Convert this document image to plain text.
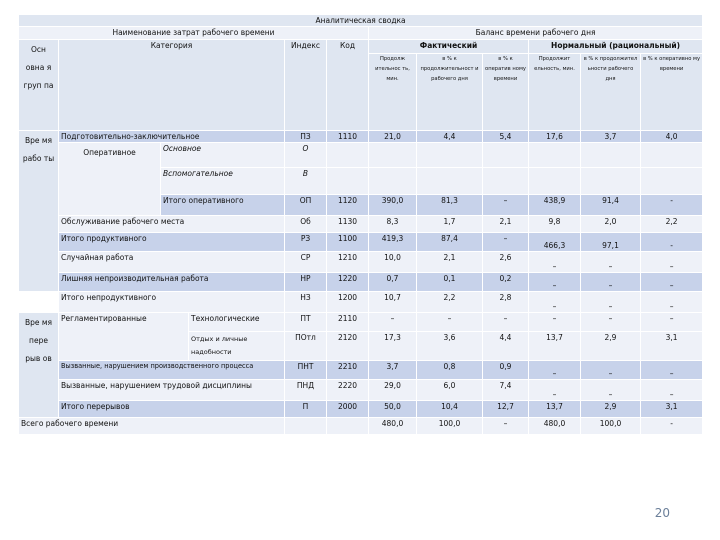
Аналитическая сводка											
Наименование затрат рабочего времени						Баланс времени рабочего дня					
Осн овна я груп па	Категория			Индекс	Код	Фактический			Нормальный (рациональный)		
						Продолж ительнос ть, мин.	в % к продолжительност и рабочего дня	в % к оператив ному времени	Продолжит ельность, мин.	в % к продолжител ьности рабочего дня	в % к оперативно му времени
Вре мя рабо ты	Подготовительно-заключительное			ПЗ	1110	21,0	4,4	5,4	17,6	3,7	4,0
	Оперативное	Основное		О							
		Вспомогательное		В							
		Итого оперативного		ОП	1120	390,0	81,3	–	438,9	91,4	-
	Обслуживание рабочего места			Об	1130	8,3	1,7	2,1	9,8	2,0	2,2
	Итого продуктивного			РЗ	1100	419,3	87,4	–	466,3	97,1	-
	Случайная работа			СР	1210	10,0	2,1	2,6	–	–	–
	Лишняя непроизводительная работа			НР	1220	0,7	0,1	0,2	–	–	–
	Итого непродуктивного			НЗ	1200	10,7	2,2	2,8	–	–	–
Вре мя пере рыв ов	Регламентированные		Технологические	ПТ	2110	–	–	–	–	–	–
			Отдых и личные надобности	ПОтл	2120	17,3	3,6	4,4	13,7	2,9	3,1
	Вызванные, нарушением производственного процесса			ПНТ	2210	3,7	0,8	0,9	–	–	–
	Вызванные, нарушением трудовой дисциплины			ПНД	2220	29,0	6,0	7,4	–	–	–
	Итого перерывов			П	2000	50,0	10,4	12,7	13,7	2,9	3,1
Всего рабочего времени						480,0	100,0	–	480,0	100,0	-
20
